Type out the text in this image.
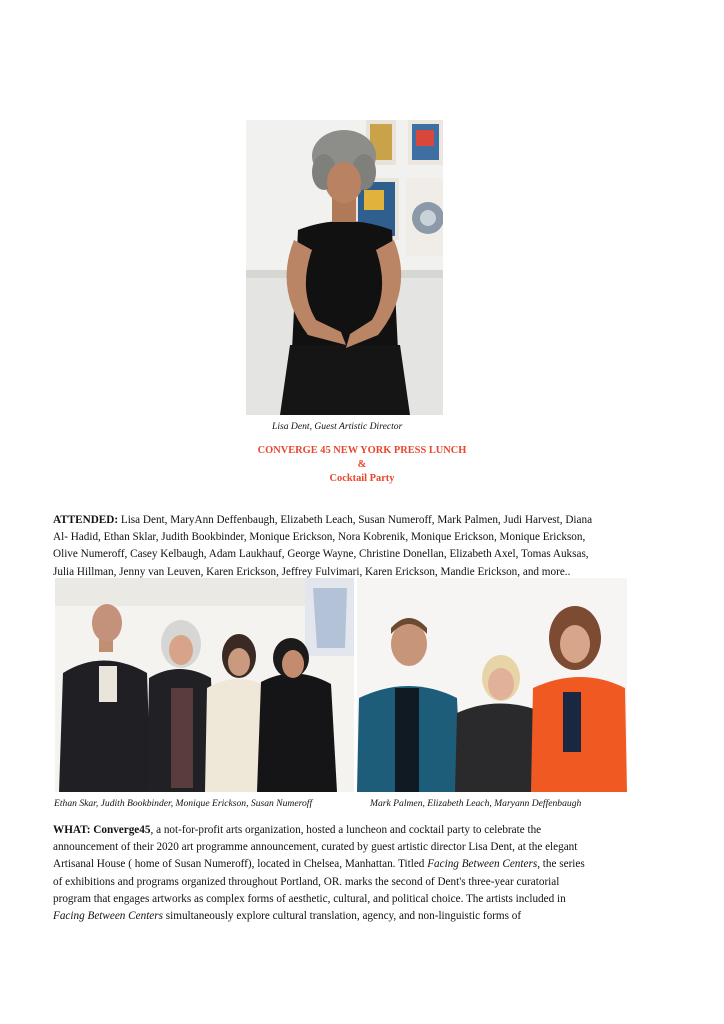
Lisa Dent, Guest Artistic Director
CONVERGE 45 NEW YORK PRESS LUNCH
&
Cocktail Party
ATTENDED: Lisa Dent, MaryAnn Deffenbaugh, Elizabeth Leach, Susan Numeroff, Mark Palmen, Judi Harvest, Diana
Al- Hadid, Ethan Sklar, Judith Bookbinder, Monique Erickson, Nora Kobrenik, Monique Erickson, Monique Erickson,
Olive Numeroff, Casey Kelbaugh, Adam Laukhauf, George Wayne, Christine Donellan, Elizabeth Axel, Tomas Auksas,
Julia Hillman, Jenny van Leuven, Karen Erickson, Jeffrey Fulvimari, Karen Erickson, Mandie Erickson, and more..
Ethan Skar, Judith Bookbinder, Monique Erickson, Susan Numeroff	Mark Palmen, Elizabeth Leach, Maryann Deffenbaugh
WHAT: Converge45, a not-for-profit arts organization, hosted a luncheon and cocktail party to celebrate the
announcement of their 2020 art programme announcement, curated by guest artistic director Lisa Dent, at the elegant
Artisanal House ( home of Susan Numeroff), located in Chelsea, Manhattan. Titled Facing Between Centers, the series
of exhibitions and programs organized throughout Portland, OR. marks the second of Dent's three-year curatorial
program that engages artworks as complex forms of aesthetic, cultural, and political choice. The artists included in
Facing Between Centers simultaneously explore cultural translation, agency, and non-linguistic forms of
